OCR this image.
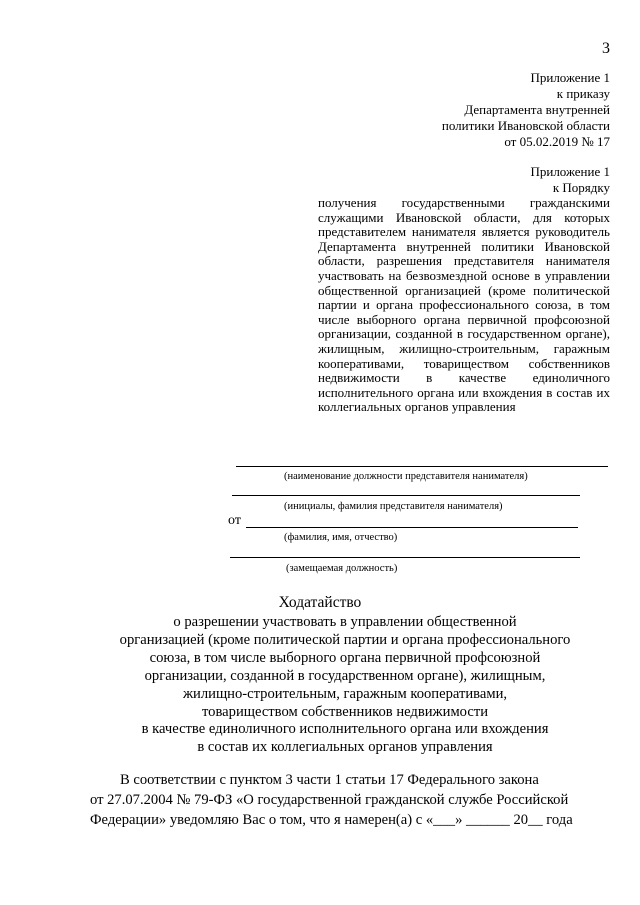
3
Приложение 1
к приказу
Департамента внутренней
политики Ивановской области
от 05.02.2019 № 17
Приложение 1
к Порядку
получения государственными гражданскими служащими Ивановской области, для которых представителем нанимателя является руководитель Департамента внутренней политики Ивановской области, разрешения представителя нанимателя участвовать на безвозмездной основе в управлении общественной организацией (кроме политической партии и органа профессионального союза, в том числе выборного органа первичной профсоюзной организации, созданной в государственном органе), жилищным, жилищно-строительным, гаражным кооперативами, товариществом собственников недвижимости в качестве единоличного исполнительного органа или вхождения в состав их коллегиальных органов управления
(наименование должности представителя нанимателя)
(инициалы, фамилия представителя нанимателя)
от
(фамилия, имя, отчество)
(замещаемая должность)
Ходатайство
о разрешении участвовать в управлении общественной
организацией (кроме политической партии и органа профессионального
союза, в том числе выборного органа первичной профсоюзной
организации, созданной в государственном органе), жилищным,
жилищно-строительным, гаражным кооперативами,
товариществом собственников недвижимости
в качестве единоличного исполнительного органа или вхождения
в состав их коллегиальных органов управления
В соответствии с пунктом 3 части 1 статьи 17 Федерального закона
от 27.07.2004 № 79-ФЗ «О государственной гражданской службе Российской
Федерации» уведомляю Вас о том, что я намерен(а) с «___» ______ 20__ года
